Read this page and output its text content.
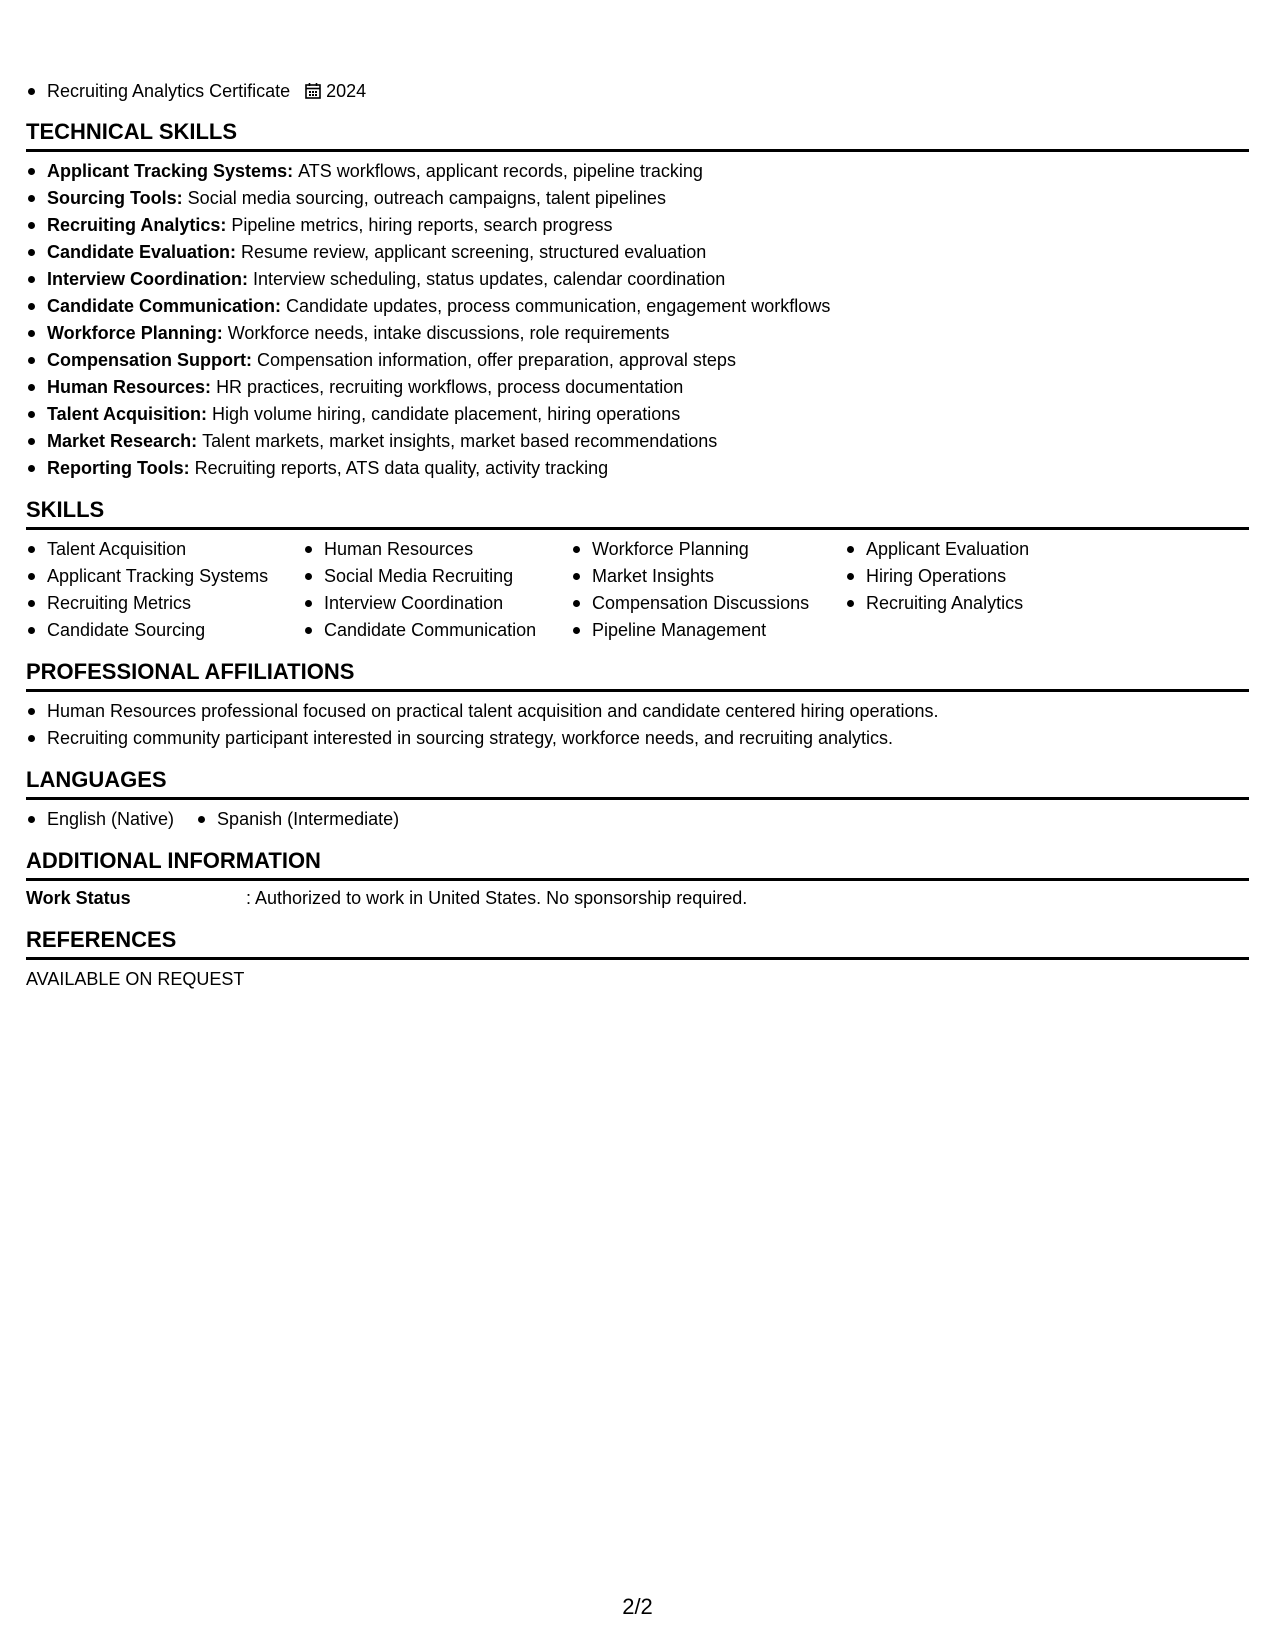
Recruiting Analytics Certificate 2024
TECHNICAL SKILLS
Applicant Tracking Systems: ATS workflows, applicant records, pipeline tracking
Sourcing Tools: Social media sourcing, outreach campaigns, talent pipelines
Recruiting Analytics: Pipeline metrics, hiring reports, search progress
Candidate Evaluation: Resume review, applicant screening, structured evaluation
Interview Coordination: Interview scheduling, status updates, calendar coordination
Candidate Communication: Candidate updates, process communication, engagement workflows
Workforce Planning: Workforce needs, intake discussions, role requirements
Compensation Support: Compensation information, offer preparation, approval steps
Human Resources: HR practices, recruiting workflows, process documentation
Talent Acquisition: High volume hiring, candidate placement, hiring operations
Market Research: Talent markets, market insights, market based recommendations
Reporting Tools: Recruiting reports, ATS data quality, activity tracking
SKILLS
Talent Acquisition
Applicant Tracking Systems
Recruiting Metrics
Candidate Sourcing
Human Resources
Social Media Recruiting
Interview Coordination
Candidate Communication
Workforce Planning
Market Insights
Compensation Discussions
Pipeline Management
Applicant Evaluation
Hiring Operations
Recruiting Analytics
PROFESSIONAL AFFILIATIONS
Human Resources professional focused on practical talent acquisition and candidate centered hiring operations.
Recruiting community participant interested in sourcing strategy, workforce needs, and recruiting analytics.
LANGUAGES
English (Native) Spanish (Intermediate)
ADDITIONAL INFORMATION
Work Status	: Authorized to work in United States. No sponsorship required.
REFERENCES
AVAILABLE ON REQUEST
2/2
